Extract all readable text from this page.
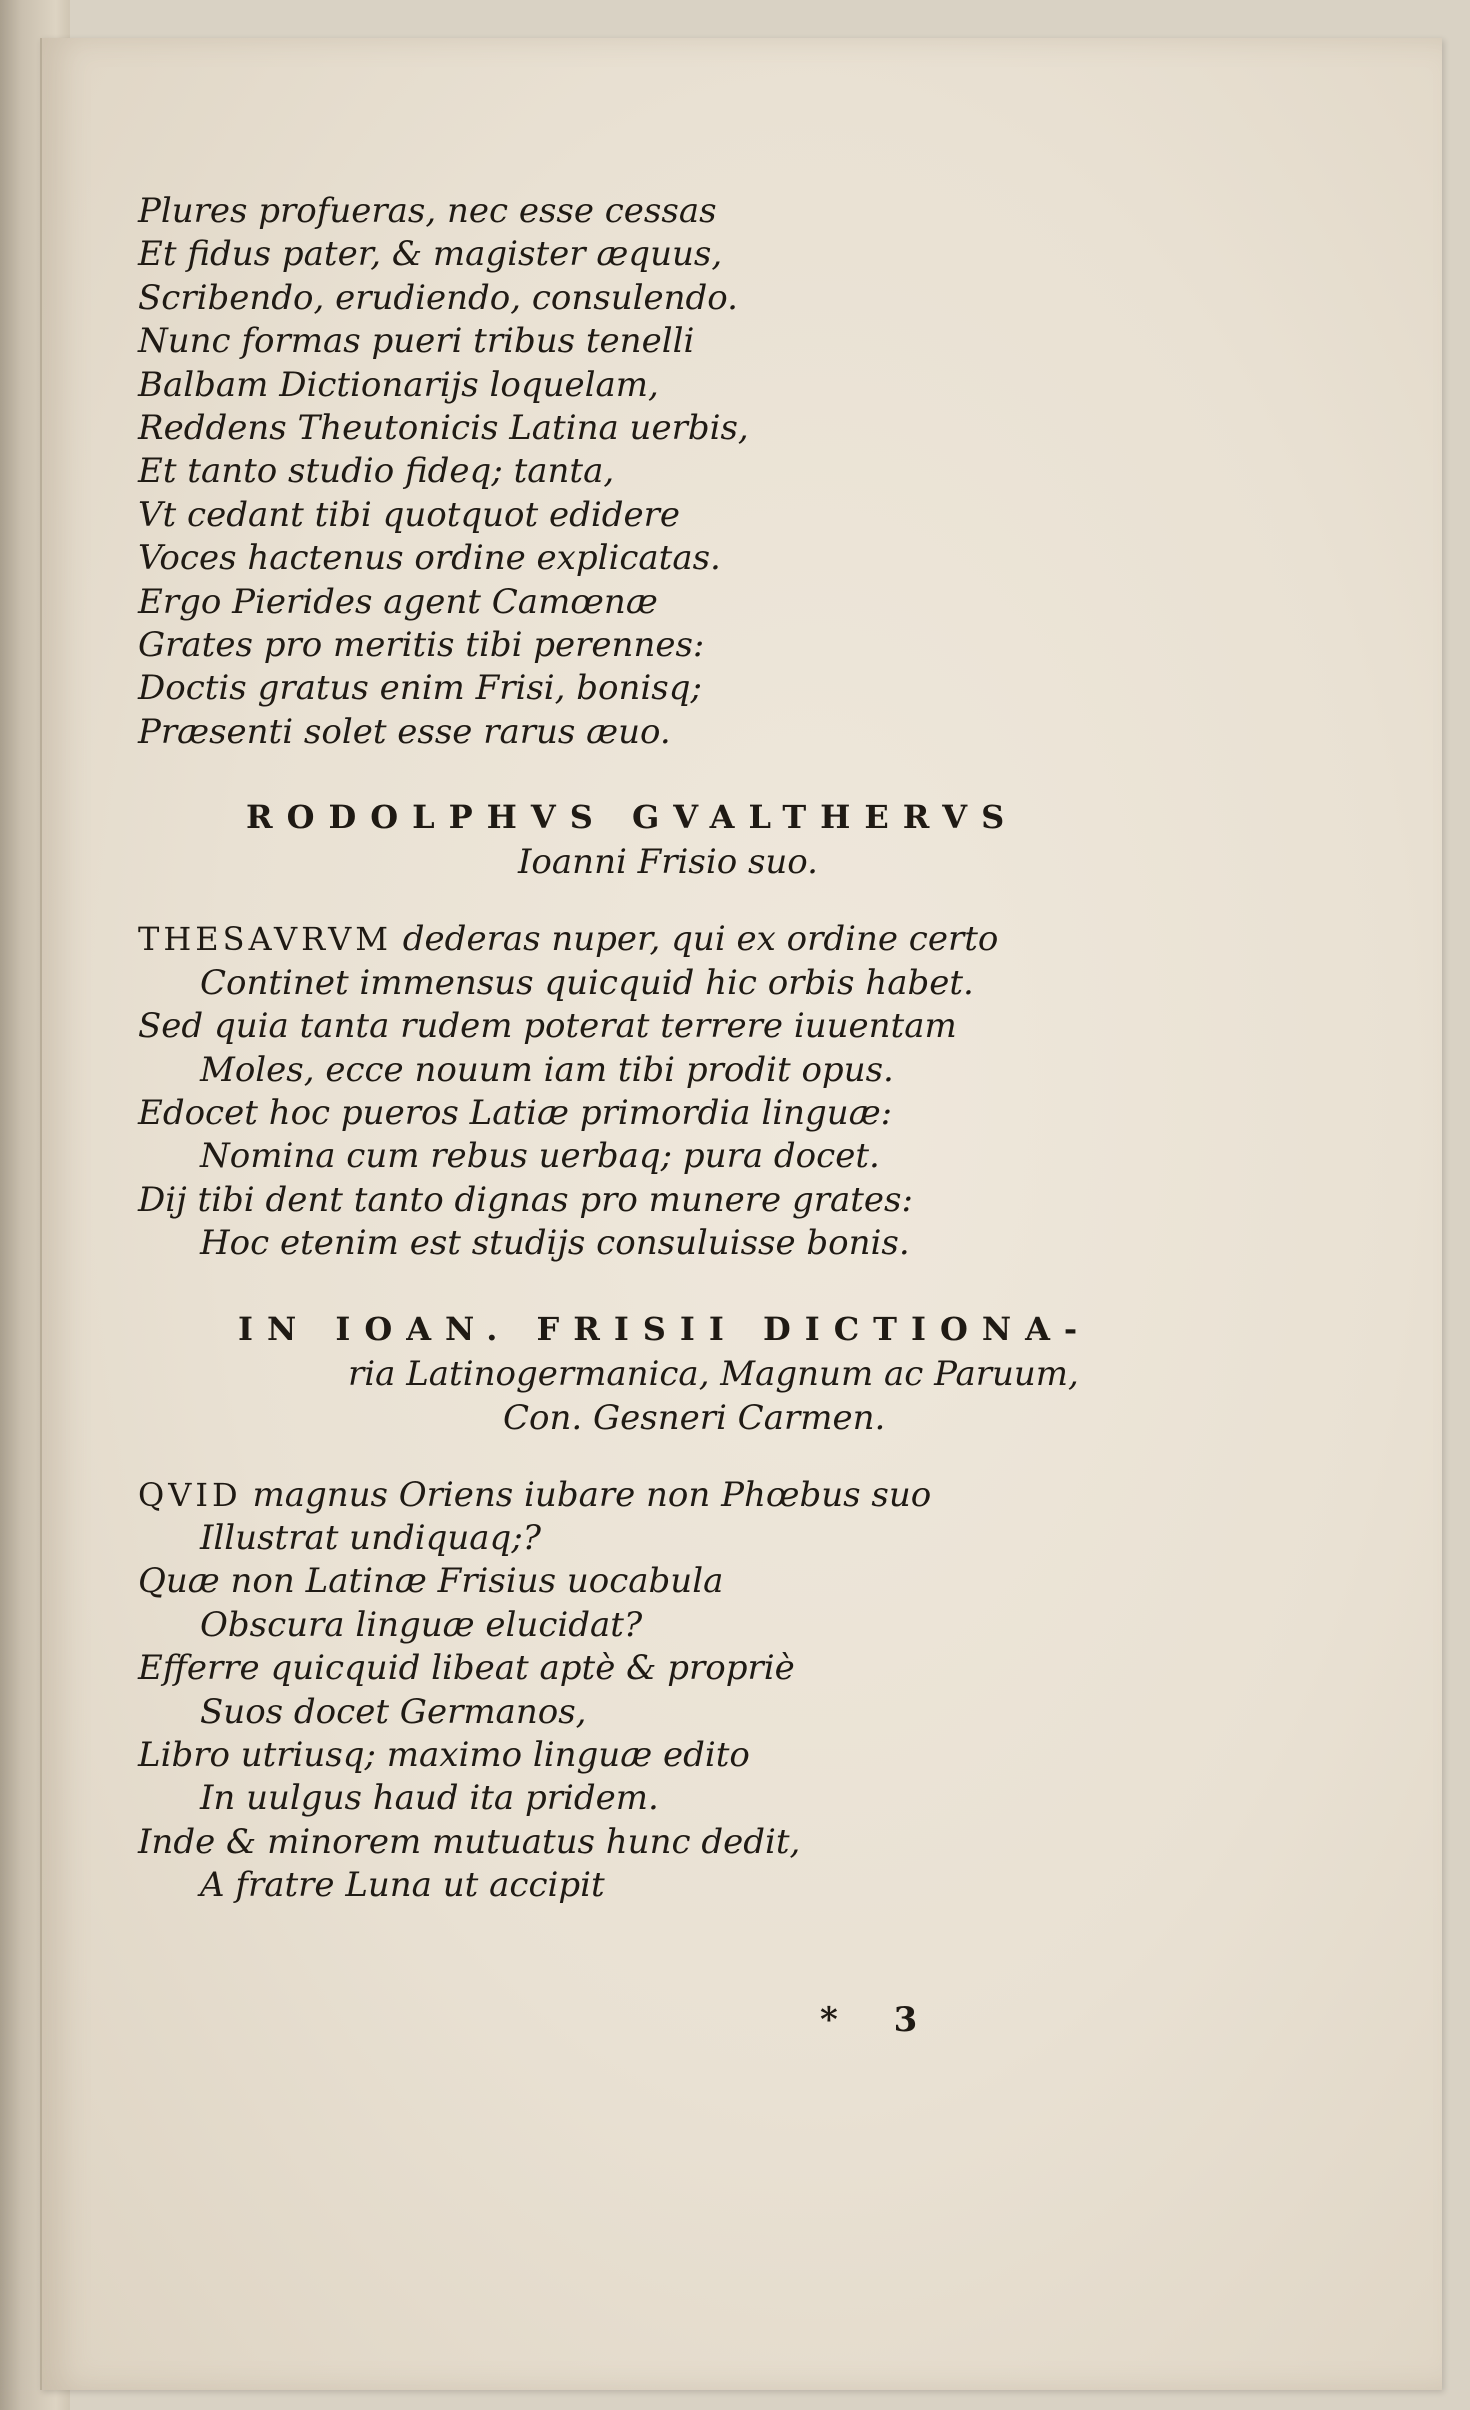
Plures profueras, nec esse cessas
Et fidus pater, & magister æquus,
Scribendo, erudiendo, consulendo.
Nunc formas pueri tribus tenelli
Balbam Dictionarijs loquelam,
Reddens Theutonicis Latina uerbis,
Et tanto studio fideq; tanta,
Vt cedant tibi quotquot edidere
Voces hactenus ordine explicatas.
Ergo Pierides agent Camœnæ
Grates pro meritis tibi perennes:
Doctis gratus enim Frisi, bonisq;
Præsenti solet esse rarus æuo.
RODOLPHVS GVALTHERVS
Ioanni Frisio suo.
THESAVRVM dederas nuper, qui ex ordine certo
Continet immensus quicquid hic orbis habet.
Sed quia tanta rudem poterat terrere iuuentam
Moles, ecce nouum iam tibi prodit opus.
Edocet hoc pueros Latiæ primordia linguæ:
Nomina cum rebus uerbaq; pura docet.
Dij tibi dent tanto dignas pro munere grates:
Hoc etenim est studijs consuluisse bonis.
IN IOAN. FRISII DICTIONA-
ria Latinogermanica, Magnum ac Paruum,
Con. Gesneri Carmen.
QVID magnus Oriens iubare non Phœbus suo
Illustrat undiquaq;?
Quæ non Latinæ Frisius uocabula
Obscura linguæ elucidat?
Efferre quicquid libeat aptè & propriè
Suos docet Germanos,
Libro utriusq; maximo linguæ edito
In uulgus haud ita pridem.
Inde & minorem mutuatus hunc dedit,
A fratre Luna ut accipit
* 3
